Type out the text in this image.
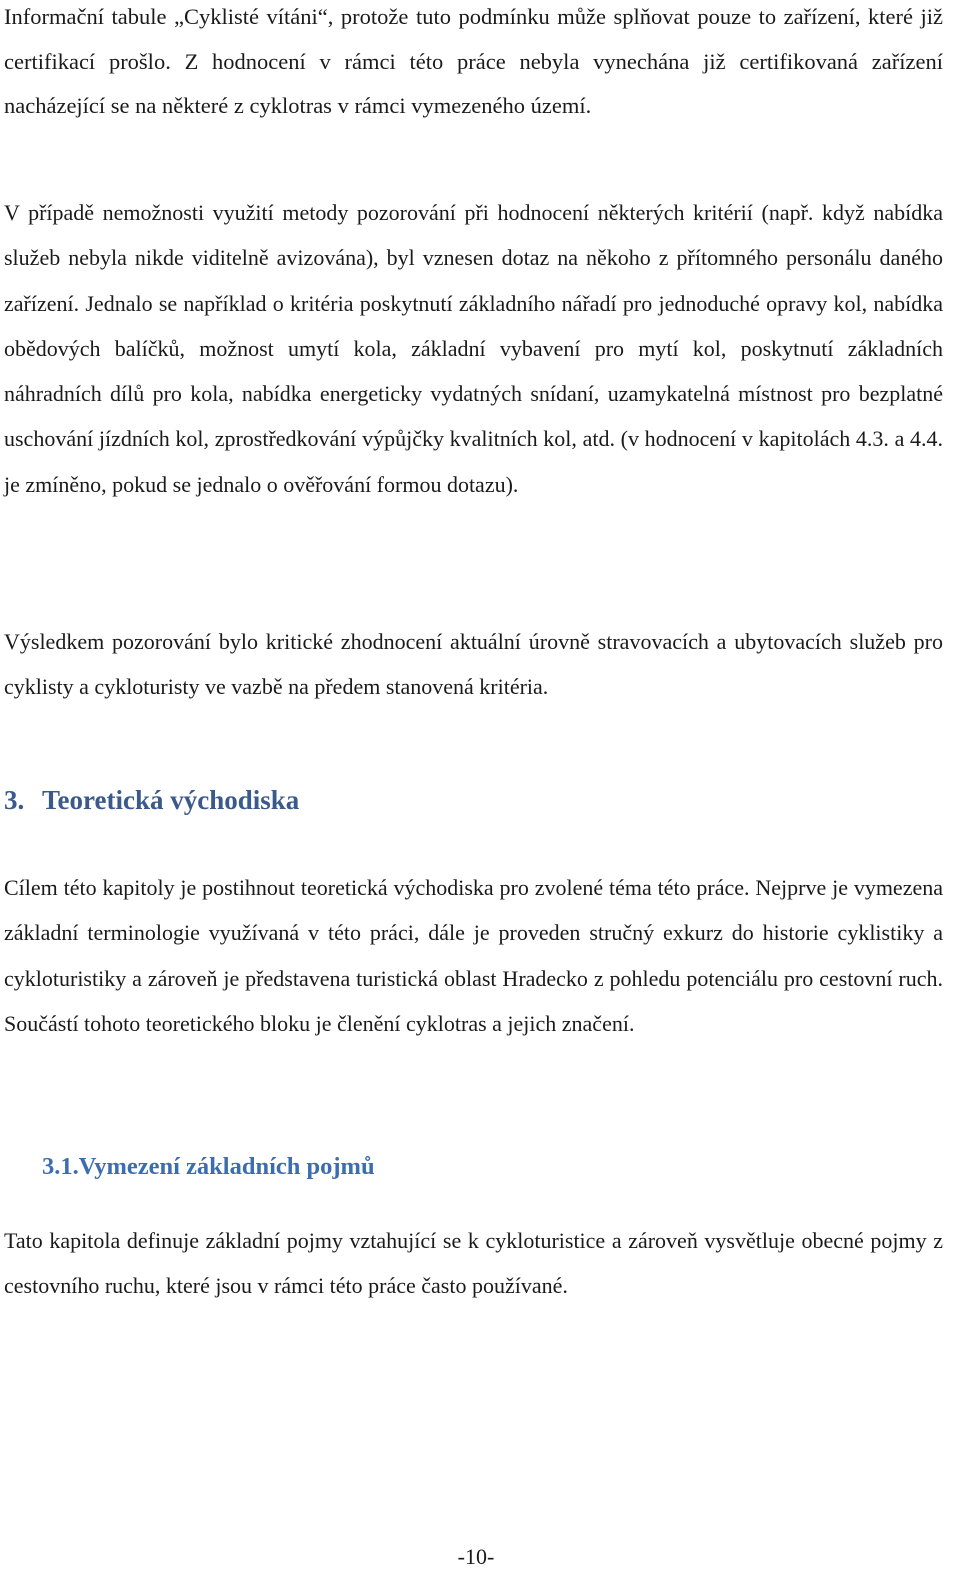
Informační tabule „Cyklisté vítáni“, protože tuto podmínku může splňovat pouze to zařízení, které již certifikací prošlo. Z hodnocení v rámci této práce nebyla vynechána již certifikovaná zařízení nacházející se na některé z cyklotras v rámci vymezeného území.

V případě nemožnosti využití metody pozorování při hodnocení některých kritérií (např. když nabídka služeb nebyla nikde viditelně avizována), byl vznesen dotaz na někoho z přítomného personálu daného zařízení. Jednalo se například o kritéria poskytnutí základního nářadí pro jednoduché opravy kol, nabídka obědových balíčků, možnost umytí kola, základní vybavení pro mytí kol, poskytnutí základních náhradních dílů pro kola, nabídka energeticky vydatných snídaní, uzamykatelná místnost pro bezplatné uschování jízdních kol, zprostředkování výpůjčky kvalitních kol, atd. (v hodnocení v kapitolách 4.3. a 4.4. je zmíněno, pokud se jednalo o ověřování formou dotazu).

Výsledkem pozorování bylo kritické zhodnocení aktuální úrovně stravovacích a ubytovacích služeb pro cyklisty a cykloturisty ve vazbě na předem stanovená kritéria.

3. Teoretická východiska

Cílem této kapitoly je postihnout teoretická východiska pro zvolené téma této práce. Nejprve je vymezena základní terminologie využívaná v této práci, dále je proveden stručný exkurz do historie cyklistiky a cykloturistiky a zároveň je představena turistická oblast Hradecko z pohledu potenciálu pro cestovní ruch. Součástí tohoto teoretického bloku je členění cyklotras a jejich značení.

3.1.Vymezení základních pojmů

Tato kapitola definuje základní pojmy vztahující se k cykloturistice a zároveň vysvětluje obecné pojmy z cestovního ruchu, které jsou v rámci této práce často používané.

-10-
